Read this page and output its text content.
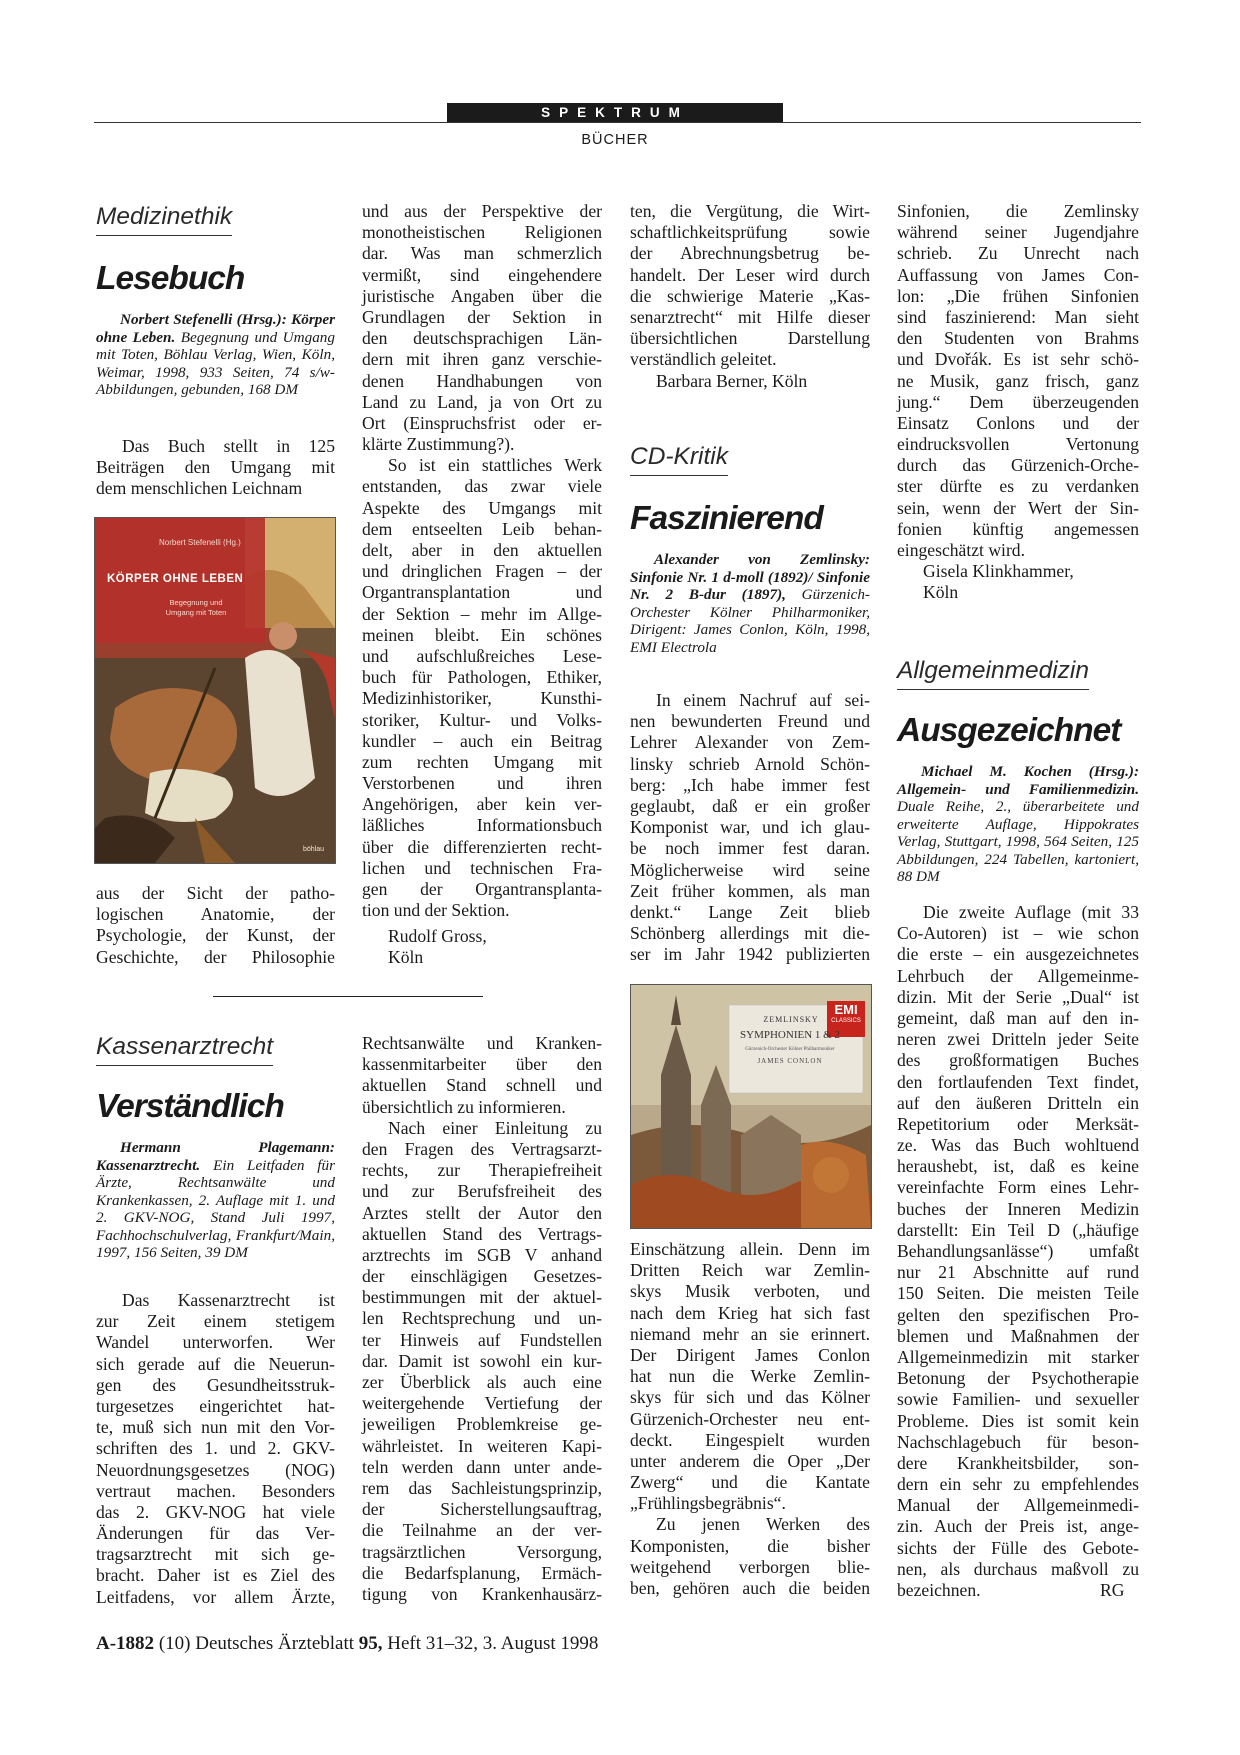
SPEKTRUM
BÜCHER
Medizinethik
Lesebuch
Norbert Stefenelli (Hrsg.): Körper ohne Leben. Begegnung und Umgang mit Toten, Böhlau Verlag, Wien, Köln, Weimar, 1998, 933 Seiten, 74 s/w-Abbildungen, gebunden, 168 DM
Das Buch stellt in 125
Beiträgen den Umgang mit
dem menschlichen Leichnam
Norbert Stefenelli (Hg.)
KÖRPER OHNE LEBEN
Begegnung und Umgang mit Toten
böhlau
aus der Sicht der patho-
logischen Anatomie, der
Psychologie, der Kunst, der
Geschichte, der Philosophie
und aus der Perspektive der
monotheistischen Religionen
dar. Was man schmerzlich
vermißt, sind eingehendere
juristische Angaben über die
Grundlagen der Sektion in
den deutschsprachigen Län-
dern mit ihren ganz verschie-
denen Handhabungen von
Land zu Land, ja von Ort zu
Ort (Einspruchsfrist oder er-
klärte Zustimmung?).
So ist ein stattliches Werk
entstanden, das zwar viele
Aspekte des Umgangs mit
dem entseelten Leib behan-
delt, aber in den aktuellen
und dringlichen Fragen – der
Organtransplantation und
der Sektion – mehr im Allge-
meinen bleibt. Ein schönes
und aufschlußreiches Lese-
buch für Pathologen, Ethiker,
Medizinhistoriker, Kunsthi-
storiker, Kultur- und Volks-
kundler – auch ein Beitrag
zum rechten Umgang mit
Verstorbenen und ihren
Angehörigen, aber kein ver-
läßliches Informationsbuch
über die differenzierten recht-
lichen und technischen Fra-
gen der Organtransplanta-
tion und der Sektion.
Rudolf Gross,
Köln
Kassenarztrecht
Verständlich
Hermann Plagemann: Kassenarztrecht. Ein Leitfaden für Ärzte, Rechtsanwälte und Krankenkassen, 2. Auflage mit 1. und 2. GKV-NOG, Stand Juli 1997, Fachhochschulverlag, Frankfurt/Main, 1997, 156 Seiten, 39 DM
Das Kassenarztrecht ist
zur Zeit einem stetigem
Wandel unterworfen. Wer
sich gerade auf die Neuerun-
gen des Gesundheitsstruk-
turgesetzes eingerichtet hat-
te, muß sich nun mit den Vor-
schriften des 1. und 2. GKV-
Neuordnungsgesetzes (NOG)
vertraut machen. Besonders
das 2. GKV-NOG hat viele
Änderungen für das Ver-
tragsarztrecht mit sich ge-
bracht. Daher ist es Ziel des
Leitfadens, vor allem Ärzte,
Rechtsanwälte und Kranken-
kassenmitarbeiter über den
aktuellen Stand schnell und
übersichtlich zu informieren.
Nach einer Einleitung zu
den Fragen des Vertragsarzt-
rechts, zur Therapiefreiheit
und zur Berufsfreiheit des
Arztes stellt der Autor den
aktuellen Stand des Vertrags-
arztrechts im SGB V anhand
der einschlägigen Gesetzes-
bestimmungen mit der aktuel-
len Rechtsprechung und un-
ter Hinweis auf Fundstellen
dar. Damit ist sowohl ein kur-
zer Überblick als auch eine
weitergehende Vertiefung der
jeweiligen Problemkreise ge-
währleistet. In weiteren Kapi-
teln werden dann unter ande-
rem das Sachleistungsprinzip,
der Sicherstellungsauftrag,
die Teilnahme an der ver-
tragsärztlichen Versorgung,
die Bedarfsplanung, Ermäch-
tigung von Krankenhausärz-
ten, die Vergütung, die Wirt-
schaftlichkeitsprüfung sowie
der Abrechnungsbetrug be-
handelt. Der Leser wird durch
die schwierige Materie „Kas-
senarztrecht“ mit Hilfe dieser
übersichtlichen Darstellung
verständlich geleitet.
Barbara Berner, Köln
CD-Kritik
Faszinierend
Alexander von Zemlinsky: Sinfonie Nr. 1 d-moll (1892)/ Sinfonie Nr. 2 B-dur (1897), Gürzenich-Orchester Kölner Philharmoniker, Dirigent: James Conlon, Köln, 1998, EMI Electrola
In einem Nachruf auf sei-
nen bewunderten Freund und
Lehrer Alexander von Zem-
linsky schrieb Arnold Schön-
berg: „Ich habe immer fest
geglaubt, daß er ein großer
Komponist war, und ich glau-
be noch immer fest daran.
Möglicherweise wird seine
Zeit früher kommen, als man
denkt.“ Lange Zeit blieb
Schönberg allerdings mit die-
ser im Jahr 1942 publizierten
ZEMLINSKY
SYMPHONIEN 1 & 2
Gürzenich-Orchester Kölner Philharmoniker
JAMES CONLON
EMI
CLASSICS
Einschätzung allein. Denn im
Dritten Reich war Zemlin-
skys Musik verboten, und
nach dem Krieg hat sich fast
niemand mehr an sie erinnert.
Der Dirigent James Conlon
hat nun die Werke Zemlin-
skys für sich und das Kölner
Gürzenich-Orchester neu ent-
deckt. Eingespielt wurden
unter anderem die Oper „Der
Zwerg“ und die Kantate
„Frühlingsbegräbnis“.
Zu jenen Werken des
Komponisten, die bisher
weitgehend verborgen blie-
ben, gehören auch die beiden
Sinfonien, die Zemlinsky
während seiner Jugendjahre
schrieb. Zu Unrecht nach
Auffassung von James Con-
lon: „Die frühen Sinfonien
sind faszinierend: Man sieht
den Studenten von Brahms
und Dvořák. Es ist sehr schö-
ne Musik, ganz frisch, ganz
jung.“ Dem überzeugenden
Einsatz Conlons und der
eindrucksvollen Vertonung
durch das Gürzenich-Orche-
ster dürfte es zu verdanken
sein, wenn der Wert der Sin-
fonien künftig angemessen
eingeschätzt wird.
Gisela Klinkhammer,
Köln
Allgemeinmedizin
Ausgezeichnet
Michael M. Kochen (Hrsg.): Allgemein- und Familienmedizin. Duale Reihe, 2., überarbeitete und erweiterte Auflage, Hippokrates Verlag, Stuttgart, 1998, 564 Seiten, 125 Abbildungen, 224 Tabellen, kartoniert, 88 DM
Die zweite Auflage (mit 33
Co-Autoren) ist – wie schon
die erste – ein ausgezeichnetes
Lehrbuch der Allgemeinme-
dizin. Mit der Serie „Dual“ ist
gemeint, daß man auf den in-
neren zwei Dritteln jeder Seite
des großformatigen Buches
den fortlaufenden Text findet,
auf den äußeren Dritteln ein
Repetitorium oder Merksät-
ze. Was das Buch wohltuend
heraushebt, ist, daß es keine
vereinfachte Form eines Lehr-
buches der Inneren Medizin
darstellt: Ein Teil D („häufige
Behandlungsanlässe“) umfaßt
nur 21 Abschnitte auf rund
150 Seiten. Die meisten Teile
gelten den spezifischen Pro-
blemen und Maßnahmen der
Allgemeinmedizin mit starker
Betonung der Psychotherapie
sowie Familien- und sexueller
Probleme. Dies ist somit kein
Nachschlagebuch für beson-
dere Krankheitsbilder, son-
dern ein sehr zu empfehlendes
Manual der Allgemeinmedi-
zin. Auch der Preis ist, ange-
sichts der Fülle des Gebote-
nen, als durchaus maßvoll zu
bezeichnen.	RG
A-1882 (10) Deutsches Ärzteblatt 95, Heft 31–32, 3. August 1998
